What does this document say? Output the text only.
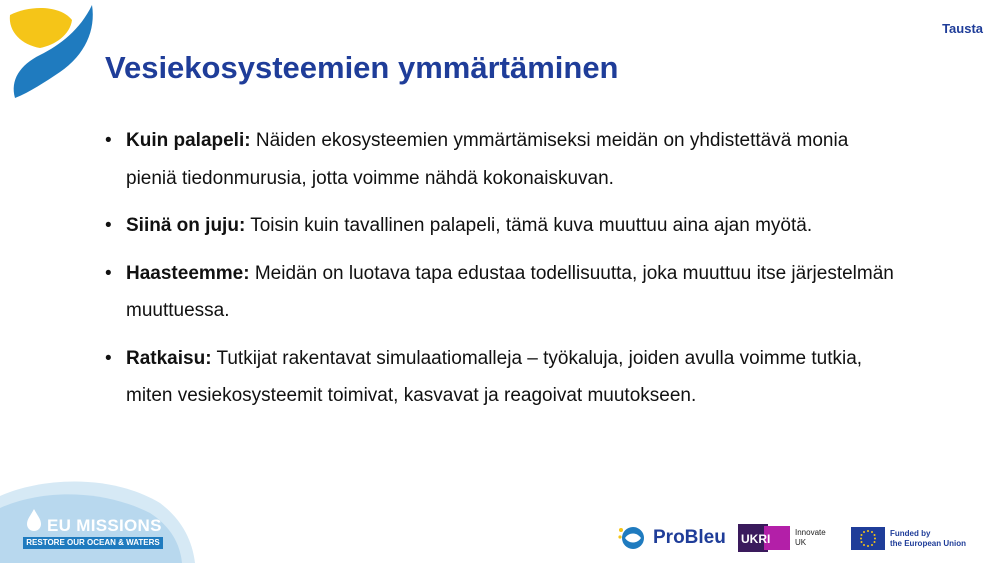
Tausta
Vesiekosysteemien ymmärtäminen
• Kuin palapeli: Näiden ekosysteemien ymmärtämiseksi meidän on yhdistettävä monia pieniä tiedonmurusia, jotta voimme nähdä kokonaiskuvan.
• Siinä on juju: Toisin kuin tavallinen palapeli, tämä kuva muuttuu aina ajan myötä.
• Haasteemme: Meidän on luotava tapa edustaa todellisuutta, joka muuttuu itse järjestelmän muuttuessa.
• Ratkaisu: Tutkijat rakentavat simulaatiomalleja – työkaluja, joiden avulla voimme tutkia, miten vesiekosysteemit toimivat, kasvavat ja reagoivat muutokseen.
EU MISSIONS
RESTORE OUR OCEAN & WATERS	ProBleu UKRI	Innovate
UK
Funded by
the European Union
